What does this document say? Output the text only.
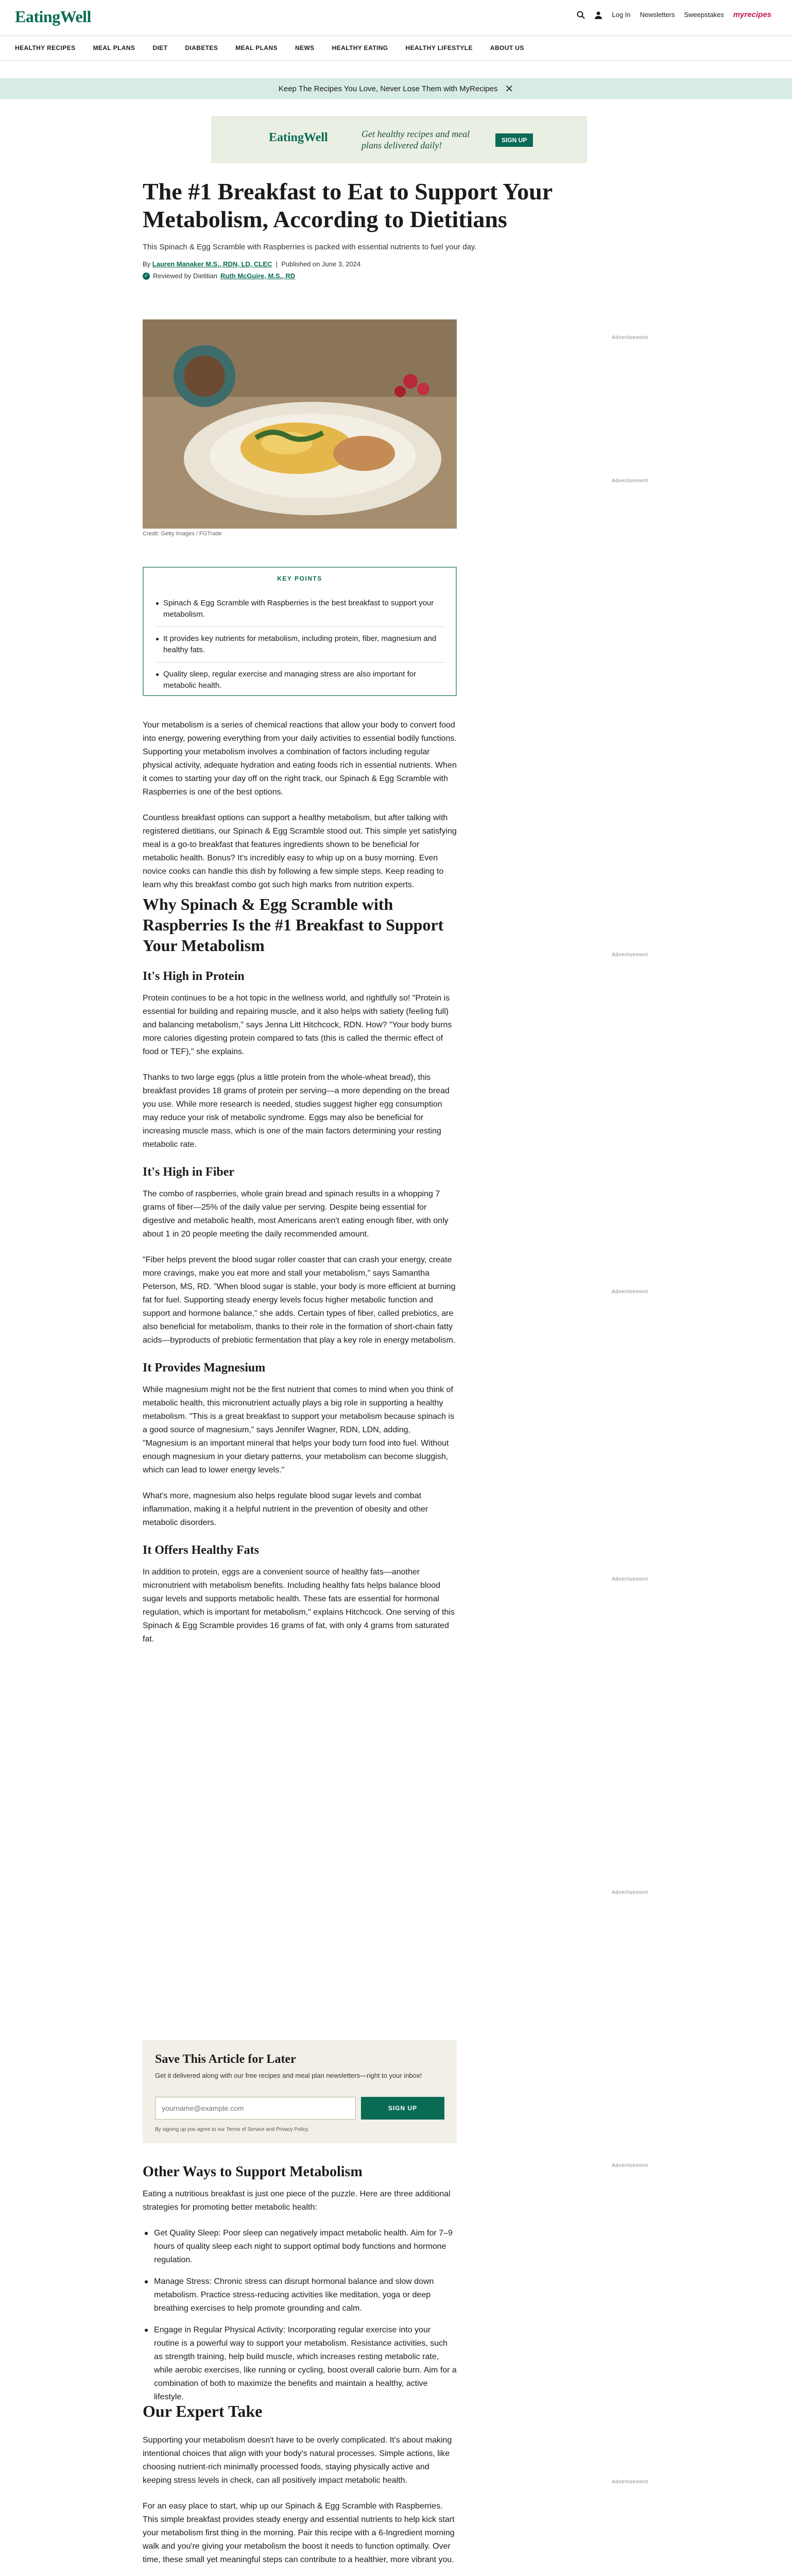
EatingWell	Log In Newsletters Sweepstakes myrecipes
HEALTHY RECIPES	MEAL PLANS	DIET	DIABETES	MEAL PLANS	NEWS	HEALTHY EATING	HEALTHY LIFESTYLE	ABOUT US
Keep The Recipes You Love, Never Lose Them with MyRecipes ✕
EatingWell	Get healthy recipes and meal plans delivered daily!	SIGN UP
The #1 Breakfast to Eat to Support Your Metabolism, According to Dietitians

This Spinach & Egg Scramble with Raspberries is packed with essential nutrients to fuel your day.

By Lauren Manaker M.S., RDN, LD, CLEC  |  Published on June 3, 2024

✓ Reviewed by Dietitian Ruth McGuire, M.S., RD

Credit: Getty Images / FGTrade

KEY POINTS
Spinach & Egg Scramble with Raspberries is the best breakfast to support your metabolism.
It provides key nutrients for metabolism, including protein, fiber, magnesium and healthy fats.
Quality sleep, regular exercise and managing stress are also important for metabolic health.

Your metabolism is a series of chemical reactions that allow your body to convert food into energy, powering everything from your daily activities to essential bodily functions. Supporting your metabolism involves a combination of factors including regular physical activity, adequate hydration and eating foods rich in essential nutrients. When it comes to starting your day off on the right track, our Spinach & Egg Scramble with Raspberries is one of the best options.

Countless breakfast options can support a healthy metabolism, but after talking with registered dietitians, our Spinach & Egg Scramble stood out. This simple yet satisfying meal is a go-to breakfast that features ingredients shown to be beneficial for metabolic health. Bonus? It's incredibly easy to whip up on a busy morning. Even novice cooks can handle this dish by following a few simple steps. Keep reading to learn why this breakfast combo got such high marks from nutrition experts.

Why Spinach & Egg Scramble with Raspberries Is the #1 Breakfast to Support Your Metabolism
It's High in Protein

Protein continues to be a hot topic in the wellness world, and rightfully so! "Protein is essential for building and repairing muscle, and it also helps with satiety (feeling full) and balancing metabolism," says Jenna Litt Hitchcock, RDN. How? "Your body burns more calories digesting protein compared to fats (this is called the thermic effect of food or TEF)," she explains.

Thanks to two large eggs (plus a little protein from the whole-wheat bread), this breakfast provides 18 grams of protein per serving—a more depending on the bread you use. While more research is needed, studies suggest higher egg consumption may reduce your risk of metabolic syndrome. Eggs may also be beneficial for increasing muscle mass, which is one of the main factors determining your resting metabolic rate.

It's High in Fiber

The combo of raspberries, whole grain bread and spinach results in a whopping 7 grams of fiber—25% of the daily value per serving. Despite being essential for digestive and metabolic health, most Americans aren't eating enough fiber, with only about 1 in 20 people meeting the daily recommended amount.

"Fiber helps prevent the blood sugar roller coaster that can crash your energy, create more cravings, make you eat more and stall your metabolism," says Samantha Peterson, MS, RD. "When blood sugar is stable, your body is more efficient at burning fat for fuel. Supporting steady energy levels focus higher metabolic function and support and hormone balance," she adds. Certain types of fiber, called prebiotics, are also beneficial for metabolism, thanks to their role in the formation of short-chain fatty acids—byproducts of prebiotic fermentation that play a key role in energy metabolism.

It Provides Magnesium

While magnesium might not be the first nutrient that comes to mind when you think of metabolic health, this micronutrient actually plays a big role in supporting a healthy metabolism. "This is a great breakfast to support your metabolism because spinach is a good source of magnesium," says Jennifer Wagner, RDN, LDN, adding, "Magnesium is an important mineral that helps your body turn food into fuel. Without enough magnesium in your dietary patterns, your metabolism can become sluggish, which can lead to lower energy levels."

What's more, magnesium also helps regulate blood sugar levels and combat inflammation, making it a helpful nutrient in the prevention of obesity and other metabolic disorders.

It Offers Healthy Fats

In addition to protein, eggs are a convenient source of healthy fats—another micronutrient with metabolism benefits. Including healthy fats helps balance blood sugar levels and supports metabolic health. These fats are essential for hormonal regulation, which is important for metabolism," explains Hitchcock. One serving of this Spinach & Egg Scramble provides 16 grams of fat, with only 4 grams from saturated fat.

Save This Article for Later
Get it delivered along with our free recipes and meal plan newsletters—right to your inbox!
yourname@example.com
SIGN UP
By signing up you agree to our Terms of Service and Privacy Policy.
Other Ways to Support Metabolism

Eating a nutritious breakfast is just one piece of the puzzle. Here are three additional strategies for promoting better metabolic health:

Get Quality Sleep: Poor sleep can negatively impact metabolic health. Aim for 7–9 hours of quality sleep each night to support optimal body functions and hormone regulation.
Manage Stress: Chronic stress can disrupt hormonal balance and slow down metabolism. Practice stress-reducing activities like meditation, yoga or deep breathing exercises to help promote grounding and calm.
Engage in Regular Physical Activity: Incorporating regular exercise into your routine is a powerful way to support your metabolism. Resistance activities, such as strength training, help build muscle, which increases resting metabolic rate, while aerobic exercises, like running or cycling, boost overall calorie burn. Aim for a combination of both to maximize the benefits and maintain a healthy, active lifestyle.
Our Expert Take

Supporting your metabolism doesn't have to be overly complicated. It's about making intentional choices that align with your body's natural processes. Simple actions, like choosing nutrient-rich minimally processed foods, staying physically active and keeping stress levels in check, can all positively impact metabolic health.

For an easy place to start, whip up our Spinach & Egg Scramble with Raspberries. This simple breakfast provides steady energy and essential nutrients to help kick start your metabolism first thing in the morning. Pair this recipe with a 6-Ingredient morning walk and you're giving your metabolism the boost it needs to function optimally. Over time, these small yet meaningful steps can contribute to a healthier, more vibrant you.

Advertisement
Advertisement
Advertisement
Advertisement
Advertisement
Advertisement
Advertisement
Advertisement
